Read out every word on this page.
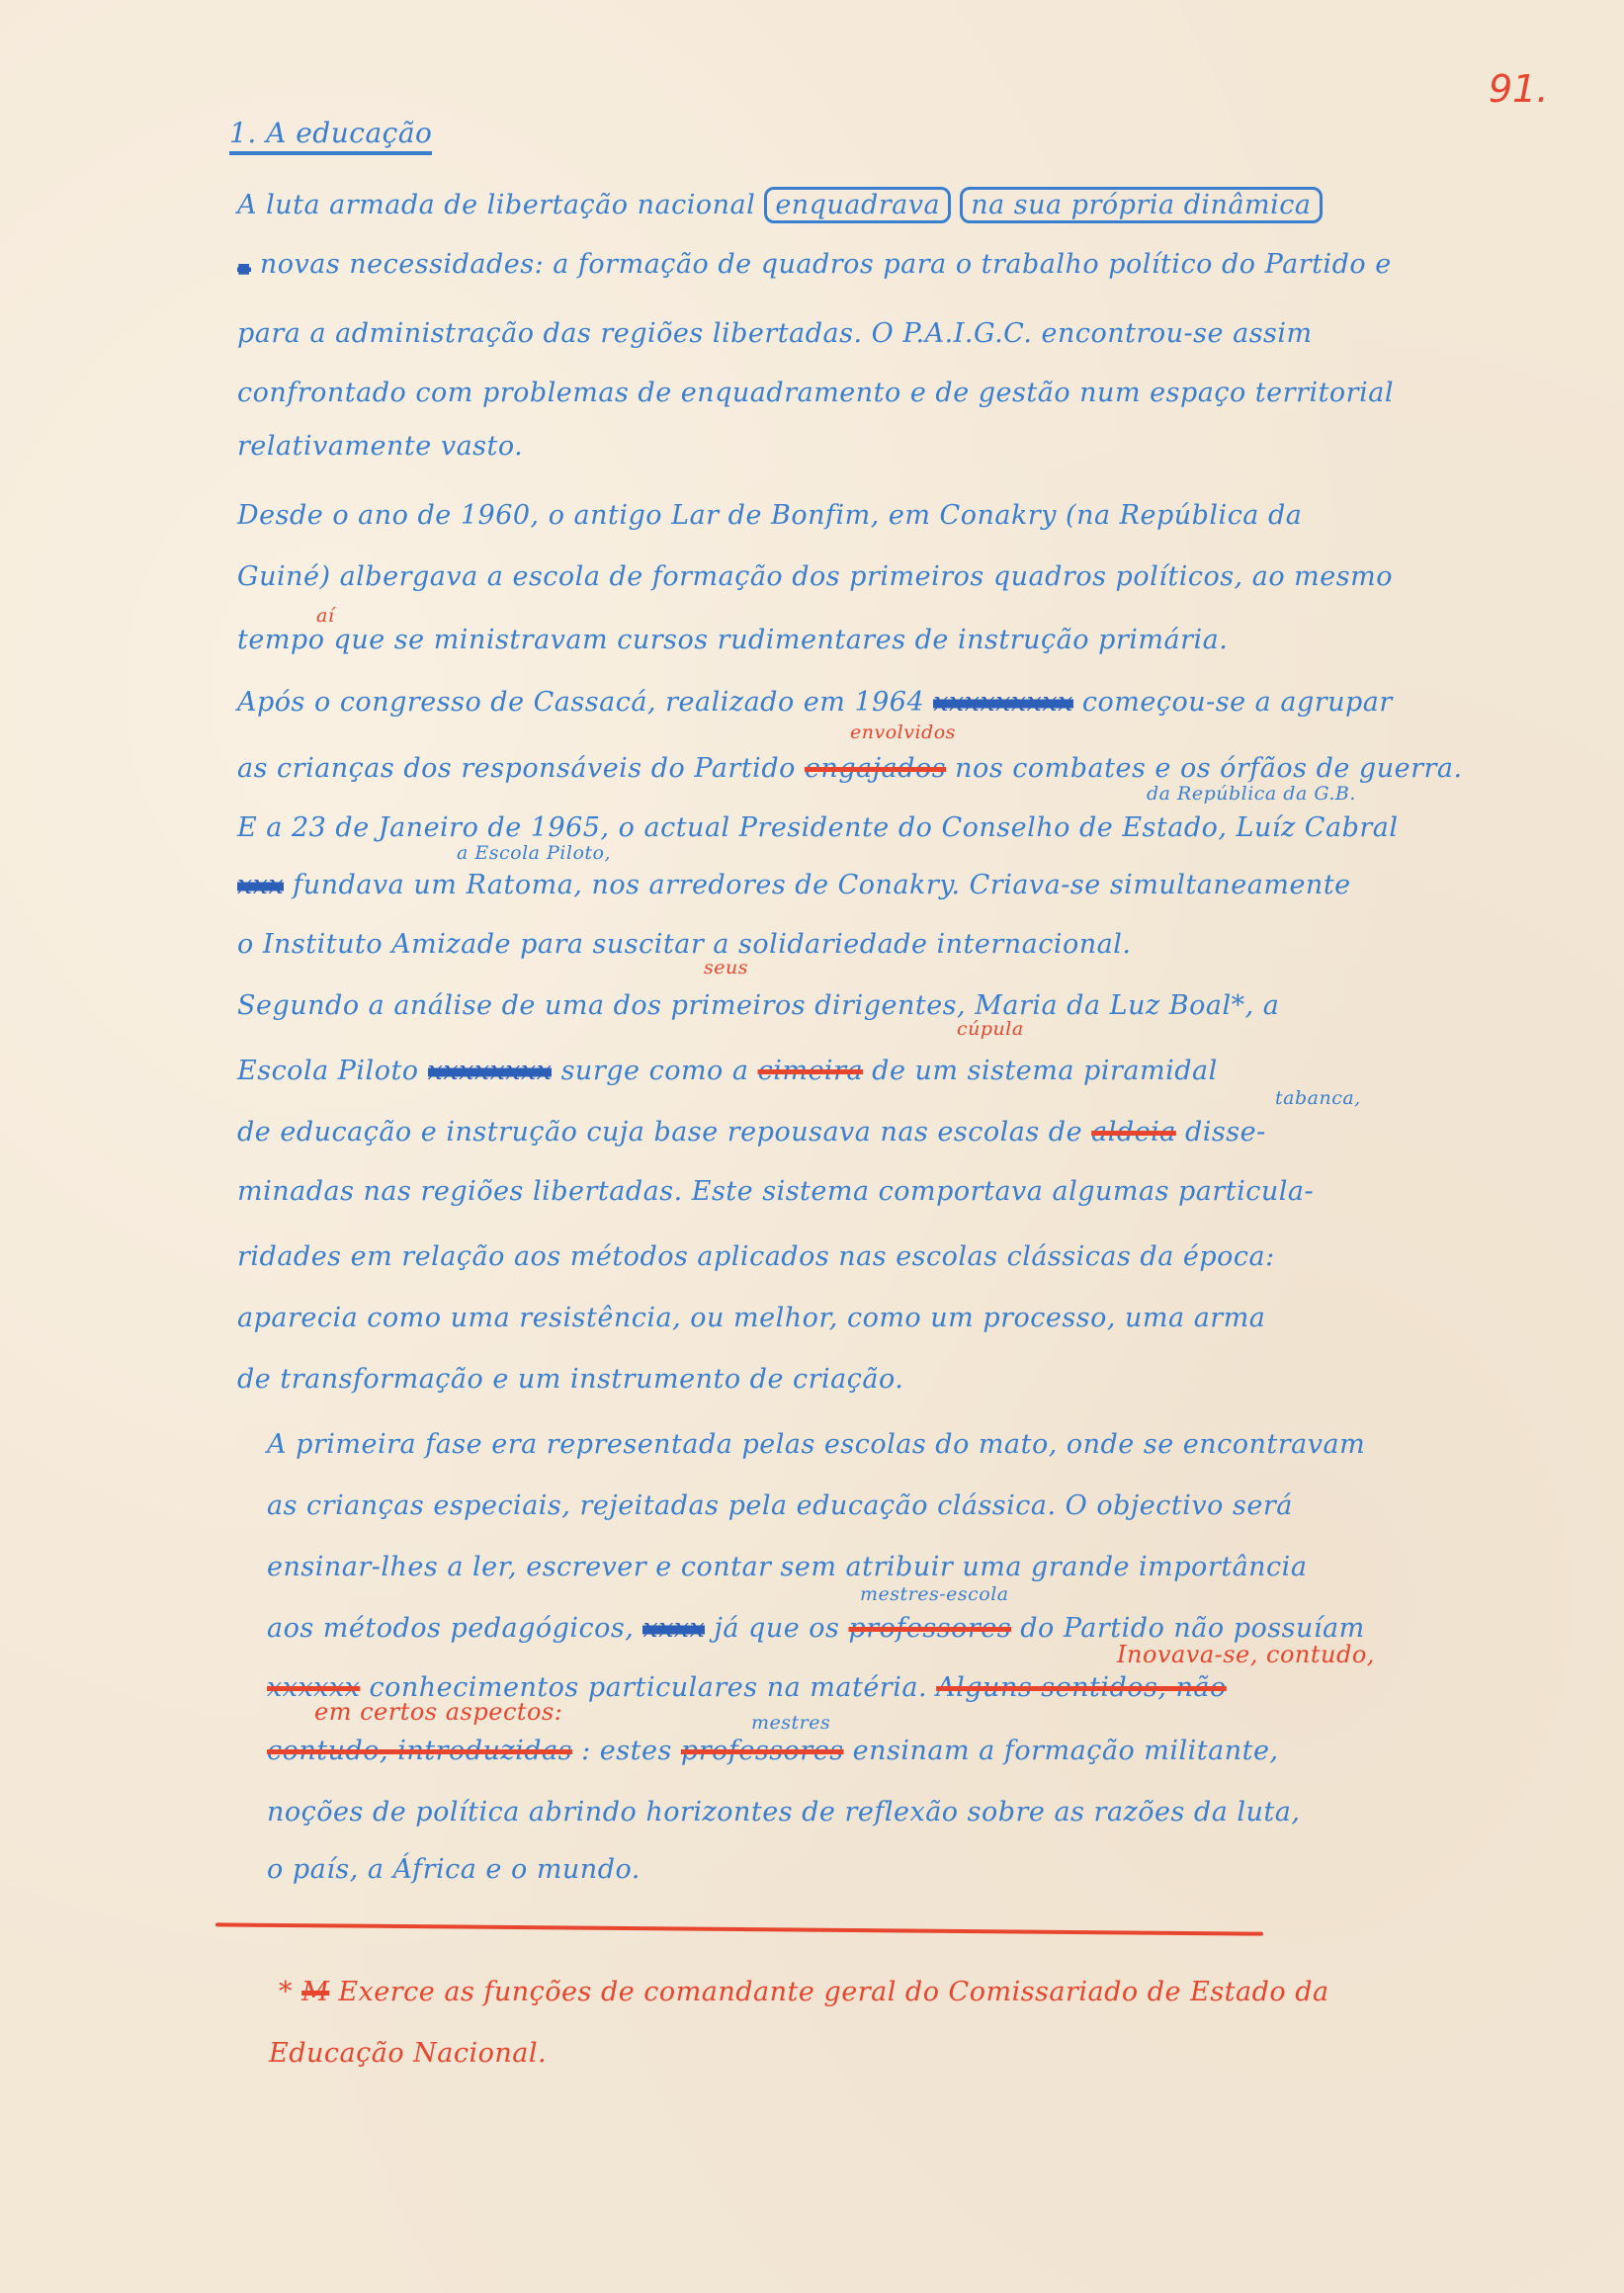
91.
1. A educação
A luta armada de libertação nacional enquadrava na sua própria dinâmica
■ novas necessidades: a formação de quadros para o trabalho político do Partido e
para a administração das regiões libertadas. O P.A.I.G.C. encontrou-se assim
confrontado com problemas de enquadramento e de gestão num espaço territorial
relativamente vasto.
Desde o ano de 1960, o antigo Lar de Bonfim, em Conakry (na República da
Guiné) albergava a escola de formação dos primeiros quadros políticos, ao mesmo
aí
tempo que se ministravam cursos rudimentares de instrução primária.
Após o congresso de Cassacá, realizado em 1964 xxxxxxxxx começou-se a agrupar
envolvidos
as crianças dos responsáveis do Partido engajados nos combates e os órfãos de guerra.
da República da G.B.
E a 23 de Janeiro de 1965, o actual Presidente do Conselho de Estado, Luíz Cabral
a Escola Piloto,
xxx fundava um Ratoma, nos arredores de Conakry. Criava-se simultaneamente
o Instituto Amizade para suscitar a solidariedade internacional.
seus
Segundo a análise de uma dos primeiros dirigentes, Maria da Luz Boal*, a
cúpula
Escola Piloto xxxxxxxx surge como a cimeira de um sistema piramidal
tabanca,
de educação e instrução cuja base repousava nas escolas de aldeia disse-
minadas nas regiões libertadas. Este sistema comportava algumas particula-
ridades em relação aos métodos aplicados nas escolas clássicas da época:
aparecia como uma resistência, ou melhor, como um processo, uma arma
de transformação e um instrumento de criação.
A primeira fase era representada pelas escolas do mato, onde se encontravam
as crianças especiais, rejeitadas pela educação clássica. O objectivo será
ensinar-lhes a ler, escrever e contar sem atribuir uma grande importância
mestres-escola
aos métodos pedagógicos, xxxx já que os professores do Partido não possuíam
Inovava-se, contudo,
xxxxxx conhecimentos particulares na matéria. Alguns sentidos, não
em certos aspectos:	mestres
contudo, introduzidas : estes professores ensinam a formação militante,
noções de política abrindo horizontes de reflexão sobre as razões da luta,
o país, a África e o mundo.
* M Exerce as funções de comandante geral do Comissariado de Estado da
Educação Nacional.
